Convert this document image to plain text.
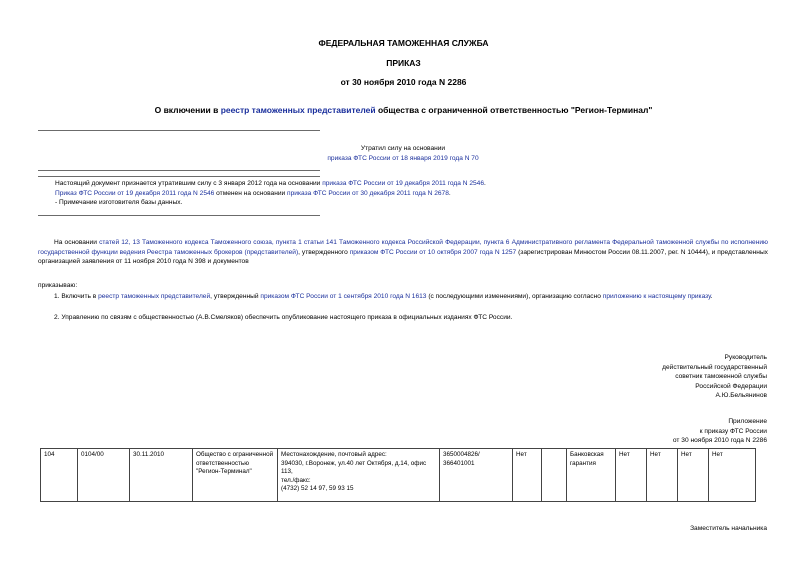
ФЕДЕРАЛЬНАЯ ТАМОЖЕННАЯ СЛУЖБА
ПРИКАЗ
от 30 ноября 2010 года N 2286
О включении в реестр таможенных представителей общества с ограниченной ответственностью "Регион-Терминал"
Утратил силу на основании
приказа ФТС России от 18 января 2019 года N 70
Настоящий документ признается утратившим силу с 3 января 2012 года на основании приказа ФТС России от 19 декабря 2011 года N 2546.
Приказ ФТС России от 19 декабря 2011 года N 2546 отменен на основании приказа ФТС России от 30 декабря 2011 года N 2678.
- Примечание изготовителя базы данных.
На основании статей 12, 13 Таможенного кодекса Таможенного союза, пункта 1 статьи 141 Таможенного кодекса Российской Федерации, пункта 6 Административного регламента Федеральной таможенной службы по исполнению государственной функции ведения Реестра таможенных брокеров (представителей), утвержденного приказом ФТС России от 10 октября 2007 года N 1257 (зарегистрирован Минюстом России 08.11.2007, рег. N 10444), и представленных организацией заявления от 11 ноября 2010 года N 398 и документов
приказываю:
1. Включить в реестр таможенных представителей, утвержденный приказом ФТС России от 1 сентября 2010 года N 1613 (с последующими изменениями), организацию согласно приложению к настоящему приказу.
2. Управлению по связям с общественностью (А.В.Смеляков) обеспечить опубликование настоящего приказа в официальных изданиях ФТС России.
Руководитель
действительный государственный
советник таможенной службы
Российской Федерации
А.Ю.Бельянинов
Приложение
к приказу ФТС России
от 30 ноября 2010 года N 2286
104	0104/00	30.11.2010	Общество с ограниченной ответственностью "Регион-Терминал"	
Местонахождение, почтовый адрес:
394030, г.Воронеж, ул.40 лет Октября, д.14, офис 113,
тел./факс:
(4732) 52 14 97, 59 93 15
	3650004826/ 366401001	Нет		Банковская гарантия	Нет	Нет	Нет	Нет
Заместитель начальника
